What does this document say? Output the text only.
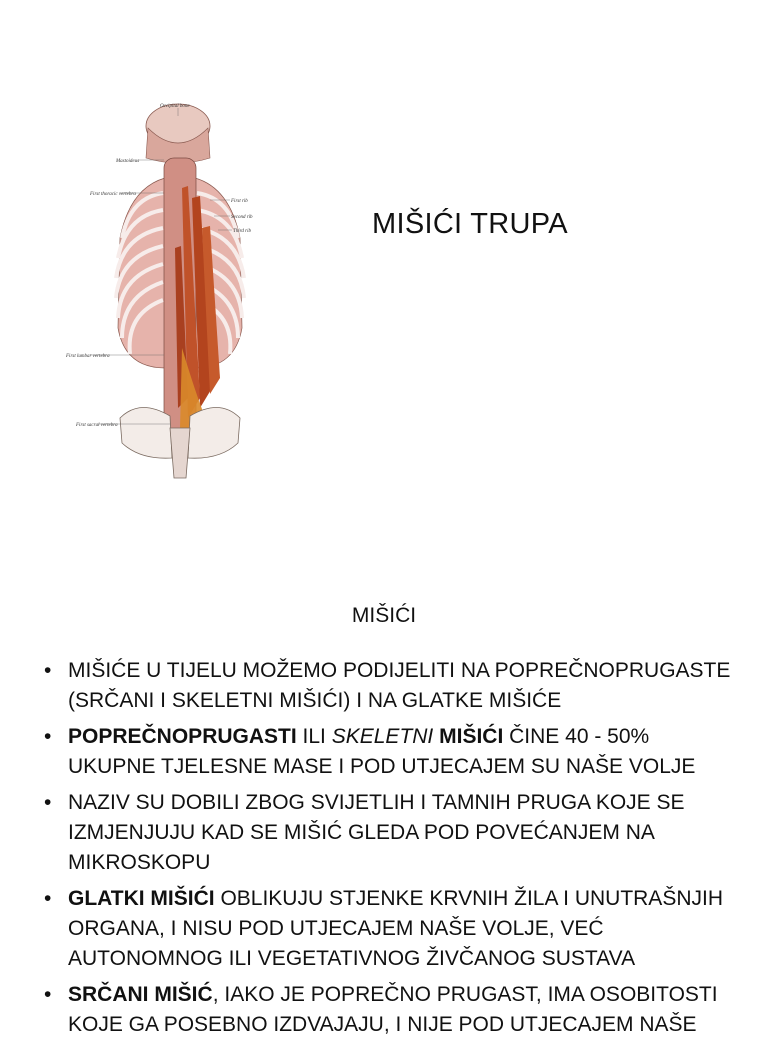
Occipital bone
Mastoideus
First thoracic vertebra
First rib
Second rib
Third rib
First lumbar vertebra
First sacral vertebra
MIŠIĆI TRUPA
MIŠIĆI
• MIŠIĆE U TIJELU MOŽEMO PODIJELITI NA POPREČNOPRUGASTE (SRČANI I SKELETNI MIŠIĆI) I NA GLATKE MIŠIĆE
• POPREČNOPRUGASTI ILI SKELETNI MIŠIĆI ČINE 40 - 50% UKUPNE TJELESNE MASE I POD UTJECAJEM SU NAŠE VOLJE
• NAZIV SU DOBILI ZBOG SVIJETLIH I TAMNIH PRUGA KOJE SE IZMJENJUJU KAD SE MIŠIĆ GLEDA POD POVEĆANJEM NA MIKROSKOPU
• GLATKI MIŠIĆI OBLIKUJU STJENKE KRVNIH ŽILA I UNUTRAŠNJIH ORGANA, I NISU POD UTJECAJEM NAŠE VOLJE, VEĆ AUTONOMNOG ILI VEGETATIVNOG ŽIVČANOG SUSTAVA
• SRČANI MIŠIĆ, IAKO JE POPREČNO PRUGAST, IMA OSOBITOSTI KOJE GA POSEBNO IZDVAJAJU, I NIJE POD UTJECAJEM NAŠE
